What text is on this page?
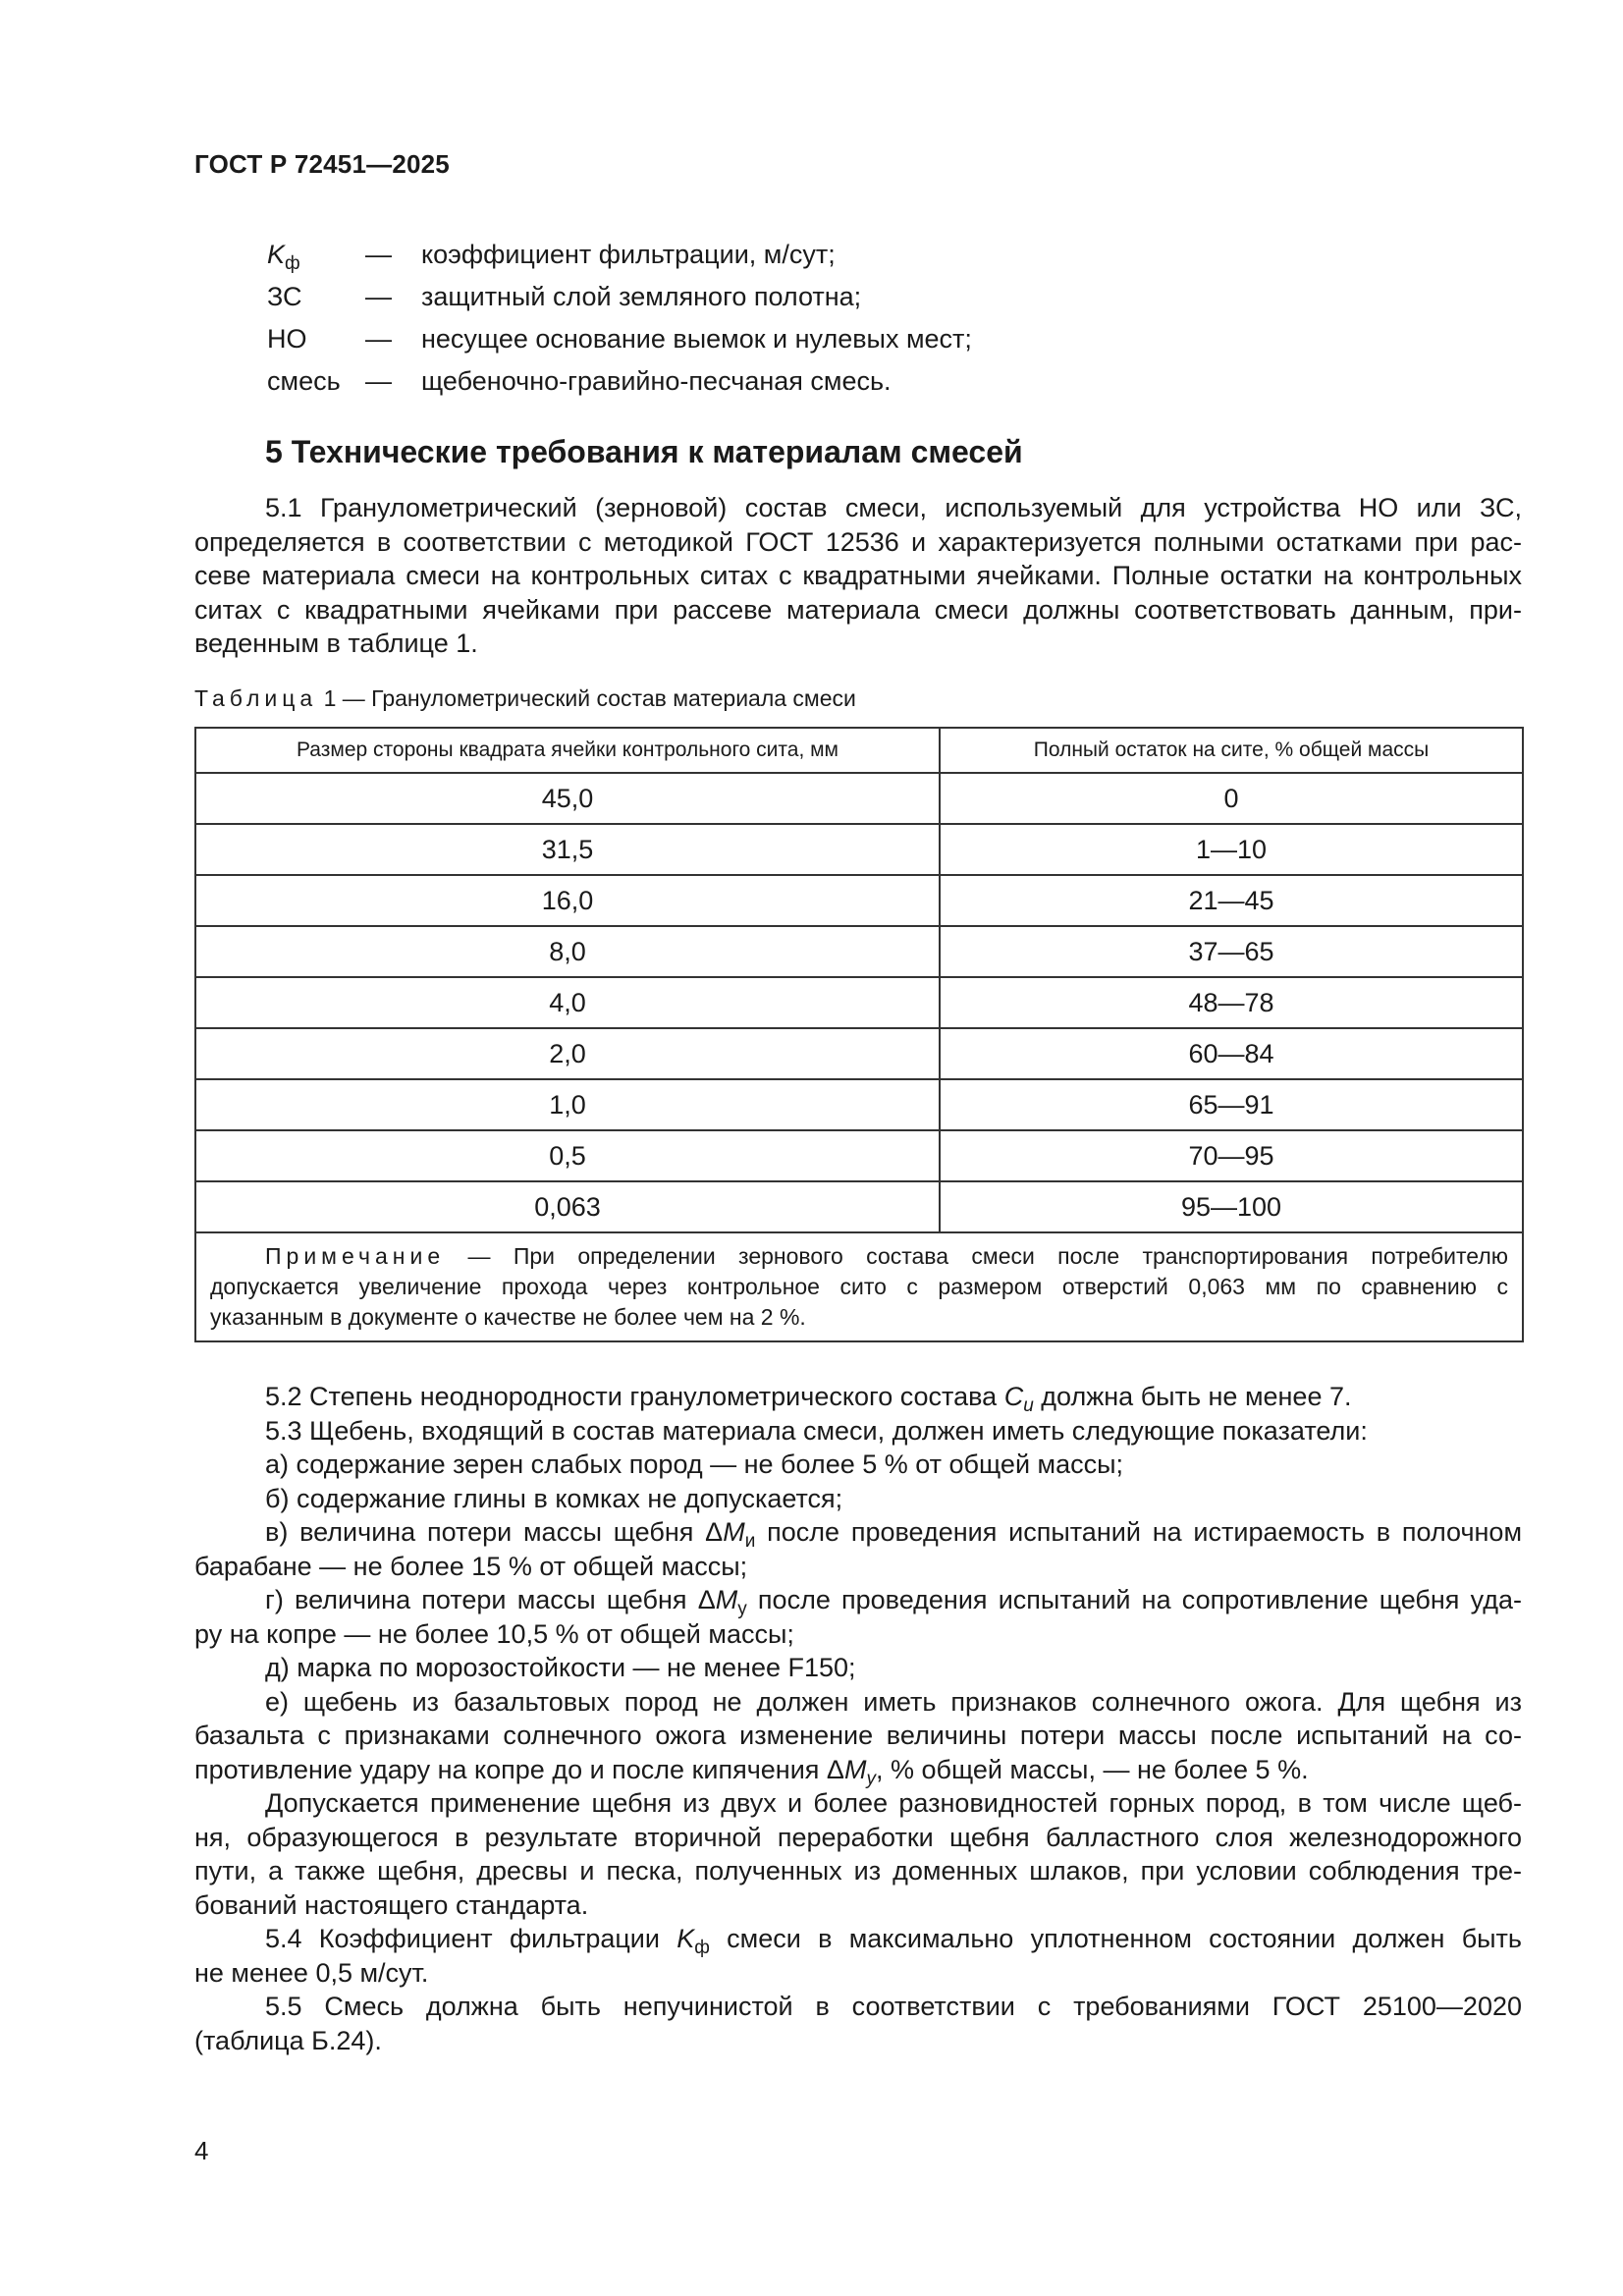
ГОСТ Р 72451—2025
$K_ф$ — коэффициент фильтрации, м/сут;
ЗС — защитный слой земляного полотна;
НО — несущее основание выемок и нулевых мест;
смесь — щебеночно-гравийно-песчаная смесь.
5 Технические требования к материалам смесей
5.1 Гранулометрический (зерновой) состав смеси, используемый для устройства НО или ЗС,
определяется в соответствии с методикой ГОСТ 12536 и характеризуется полными остатками при рас-
севе материала смеси на контрольных ситах с квадратными ячейками. Полные остатки на контрольных
ситах с квадратными ячейками при рассеве материала смеси должны соответствовать данным, при-
веденным в таблице 1.
Таблица 1 — Гранулометрический состав материала смеси
Размер стороны квадрата ячейки контрольного сита, мм	Полный остаток на сите, % общей массы
45,0	0
31,5	1—10
16,0	21—45
8,0	37—65
4,0	48—78
2,0	60—84
1,0	65—91
0,5	70—95
0,063	95—100

Примечание — При определении зернового состава смеси после транспортирования потребителю
допускается увеличение прохода через контрольное сито с размером отверстий 0,063 мм по сравнению с
указанным в документе о качестве не более чем на 2 %.	
5.2 Степень неоднородности гранулометрического состава $C_u$ должна быть не менее 7.
5.3 Щебень, входящий в состав материала смеси, должен иметь следующие показатели:
а) содержание зерен слабых пород — не более 5 % от общей массы;
б) содержание глины в комках не допускается;
в) величина потери массы щебня $\Delta M_и$ после проведения испытаний на истираемость в полочном
барабане — не более 15 % от общей массы;
г) величина потери массы щебня $\Delta M_у$ после проведения испытаний на сопротивление щебня уда-
ру на копре — не более 10,5 % от общей массы;
д) марка по морозостойкости — не менее F150;
е) щебень из базальтовых пород не должен иметь признаков солнечного ожога. Для щебня из
базальта с признаками солнечного ожога изменение величины потери массы после испытаний на со-
противление удару на копре до и после кипячения $\Delta M_у$, % общей массы, — не более 5 %.
Допускается применение щебня из двух и более разновидностей горных пород, в том числе щеб-
ня, образующегося в результате вторичной переработки щебня балластного слоя железнодорожного
пути, а также щебня, дресвы и песка, полученных из доменных шлаков, при условии соблюдения тре-
бований настоящего стандарта.
5.4 Коэффициент фильтрации $K_ф$ смеси в максимально уплотненном состоянии должен быть
не менее 0,5 м/сут.
5.5 Смесь должна быть непучинистой в соответствии с требованиями ГОСТ 25100—2020
(таблица Б.24).
4
